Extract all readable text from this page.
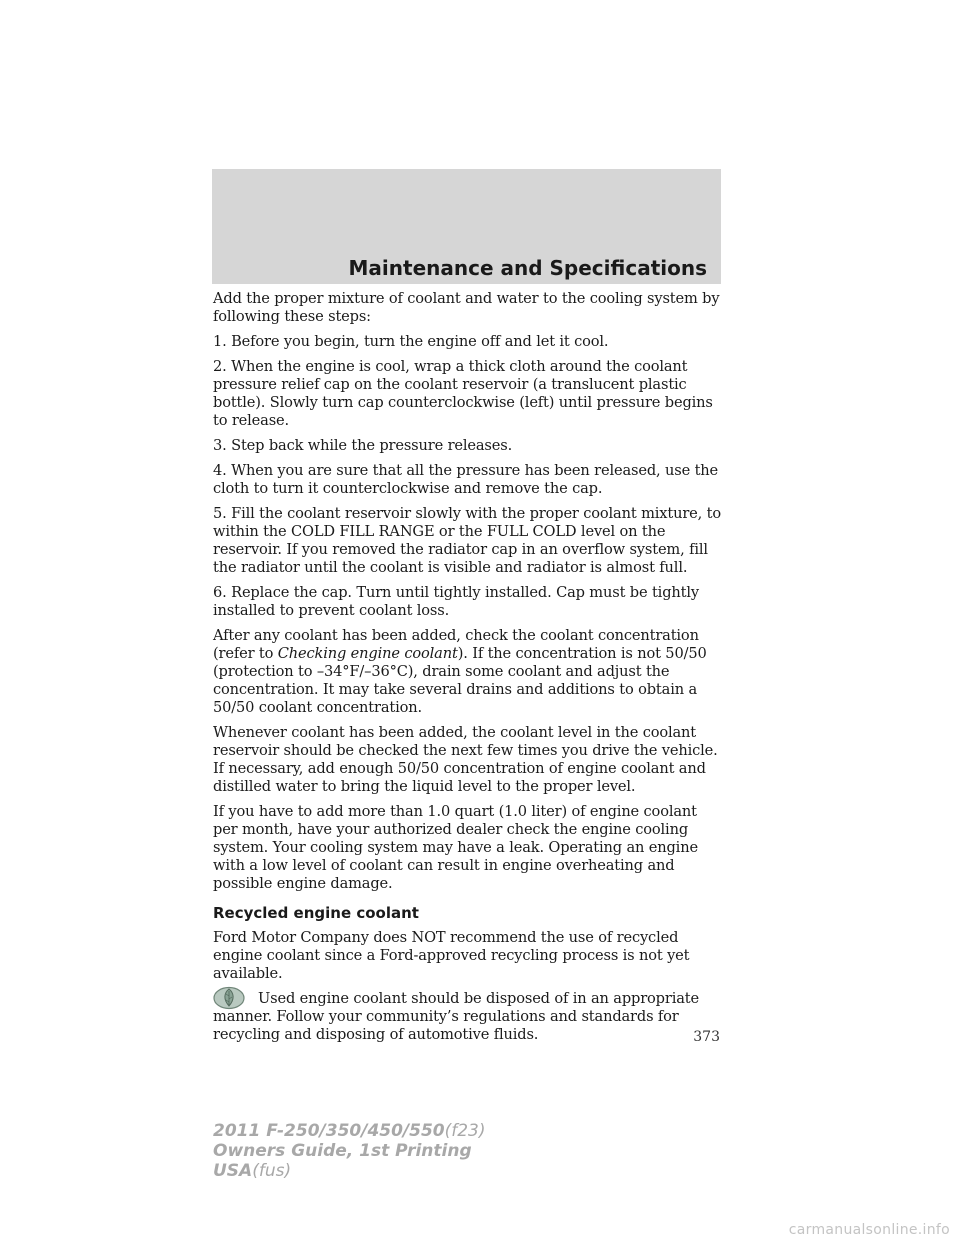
Maintenance and Specifications

Add the proper mixture of coolant and water to the cooling system by following these steps:

1. Before you begin, turn the engine off and let it cool.

2. When the engine is cool, wrap a thick cloth around the coolant pressure relief cap on the coolant reservoir (a translucent plastic bottle). Slowly turn cap counterclockwise (left) until pressure begins to release.

3. Step back while the pressure releases.

4. When you are sure that all the pressure has been released, use the cloth to turn it counterclockwise and remove the cap.

5. Fill the coolant reservoir slowly with the proper coolant mixture, to within the COLD FILL RANGE or the FULL COLD level on the reservoir. If you removed the radiator cap in an overflow system, fill the radiator until the coolant is visible and radiator is almost full.

6. Replace the cap. Turn until tightly installed. Cap must be tightly installed to prevent coolant loss.

After any coolant has been added, check the coolant concentration (refer to Checking engine coolant). If the concentration is not 50/50 (protection to –34°F/–36°C), drain some coolant and adjust the concentration. It may take several drains and additions to obtain a 50/50 coolant concentration.

Whenever coolant has been added, the coolant level in the coolant reservoir should be checked the next few times you drive the vehicle. If necessary, add enough 50/50 concentration of engine coolant and distilled water to bring the liquid level to the proper level.

If you have to add more than 1.0 quart (1.0 liter) of engine coolant per month, have your authorized dealer check the engine cooling system. Your cooling system may have a leak. Operating an engine with a low level of coolant can result in engine overheating and possible engine damage.

Recycled engine coolant

Ford Motor Company does NOT recommend the use of recycled engine coolant since a Ford-approved recycling process is not yet available.

Used engine coolant should be disposed of in an appropriate manner. Follow your community’s regulations and standards for recycling and disposing of automotive fluids.	373
2011 F-250/350/450/550(f23)
Owners Guide, 1st Printing
USA(fus)
carmanualsonline.info
